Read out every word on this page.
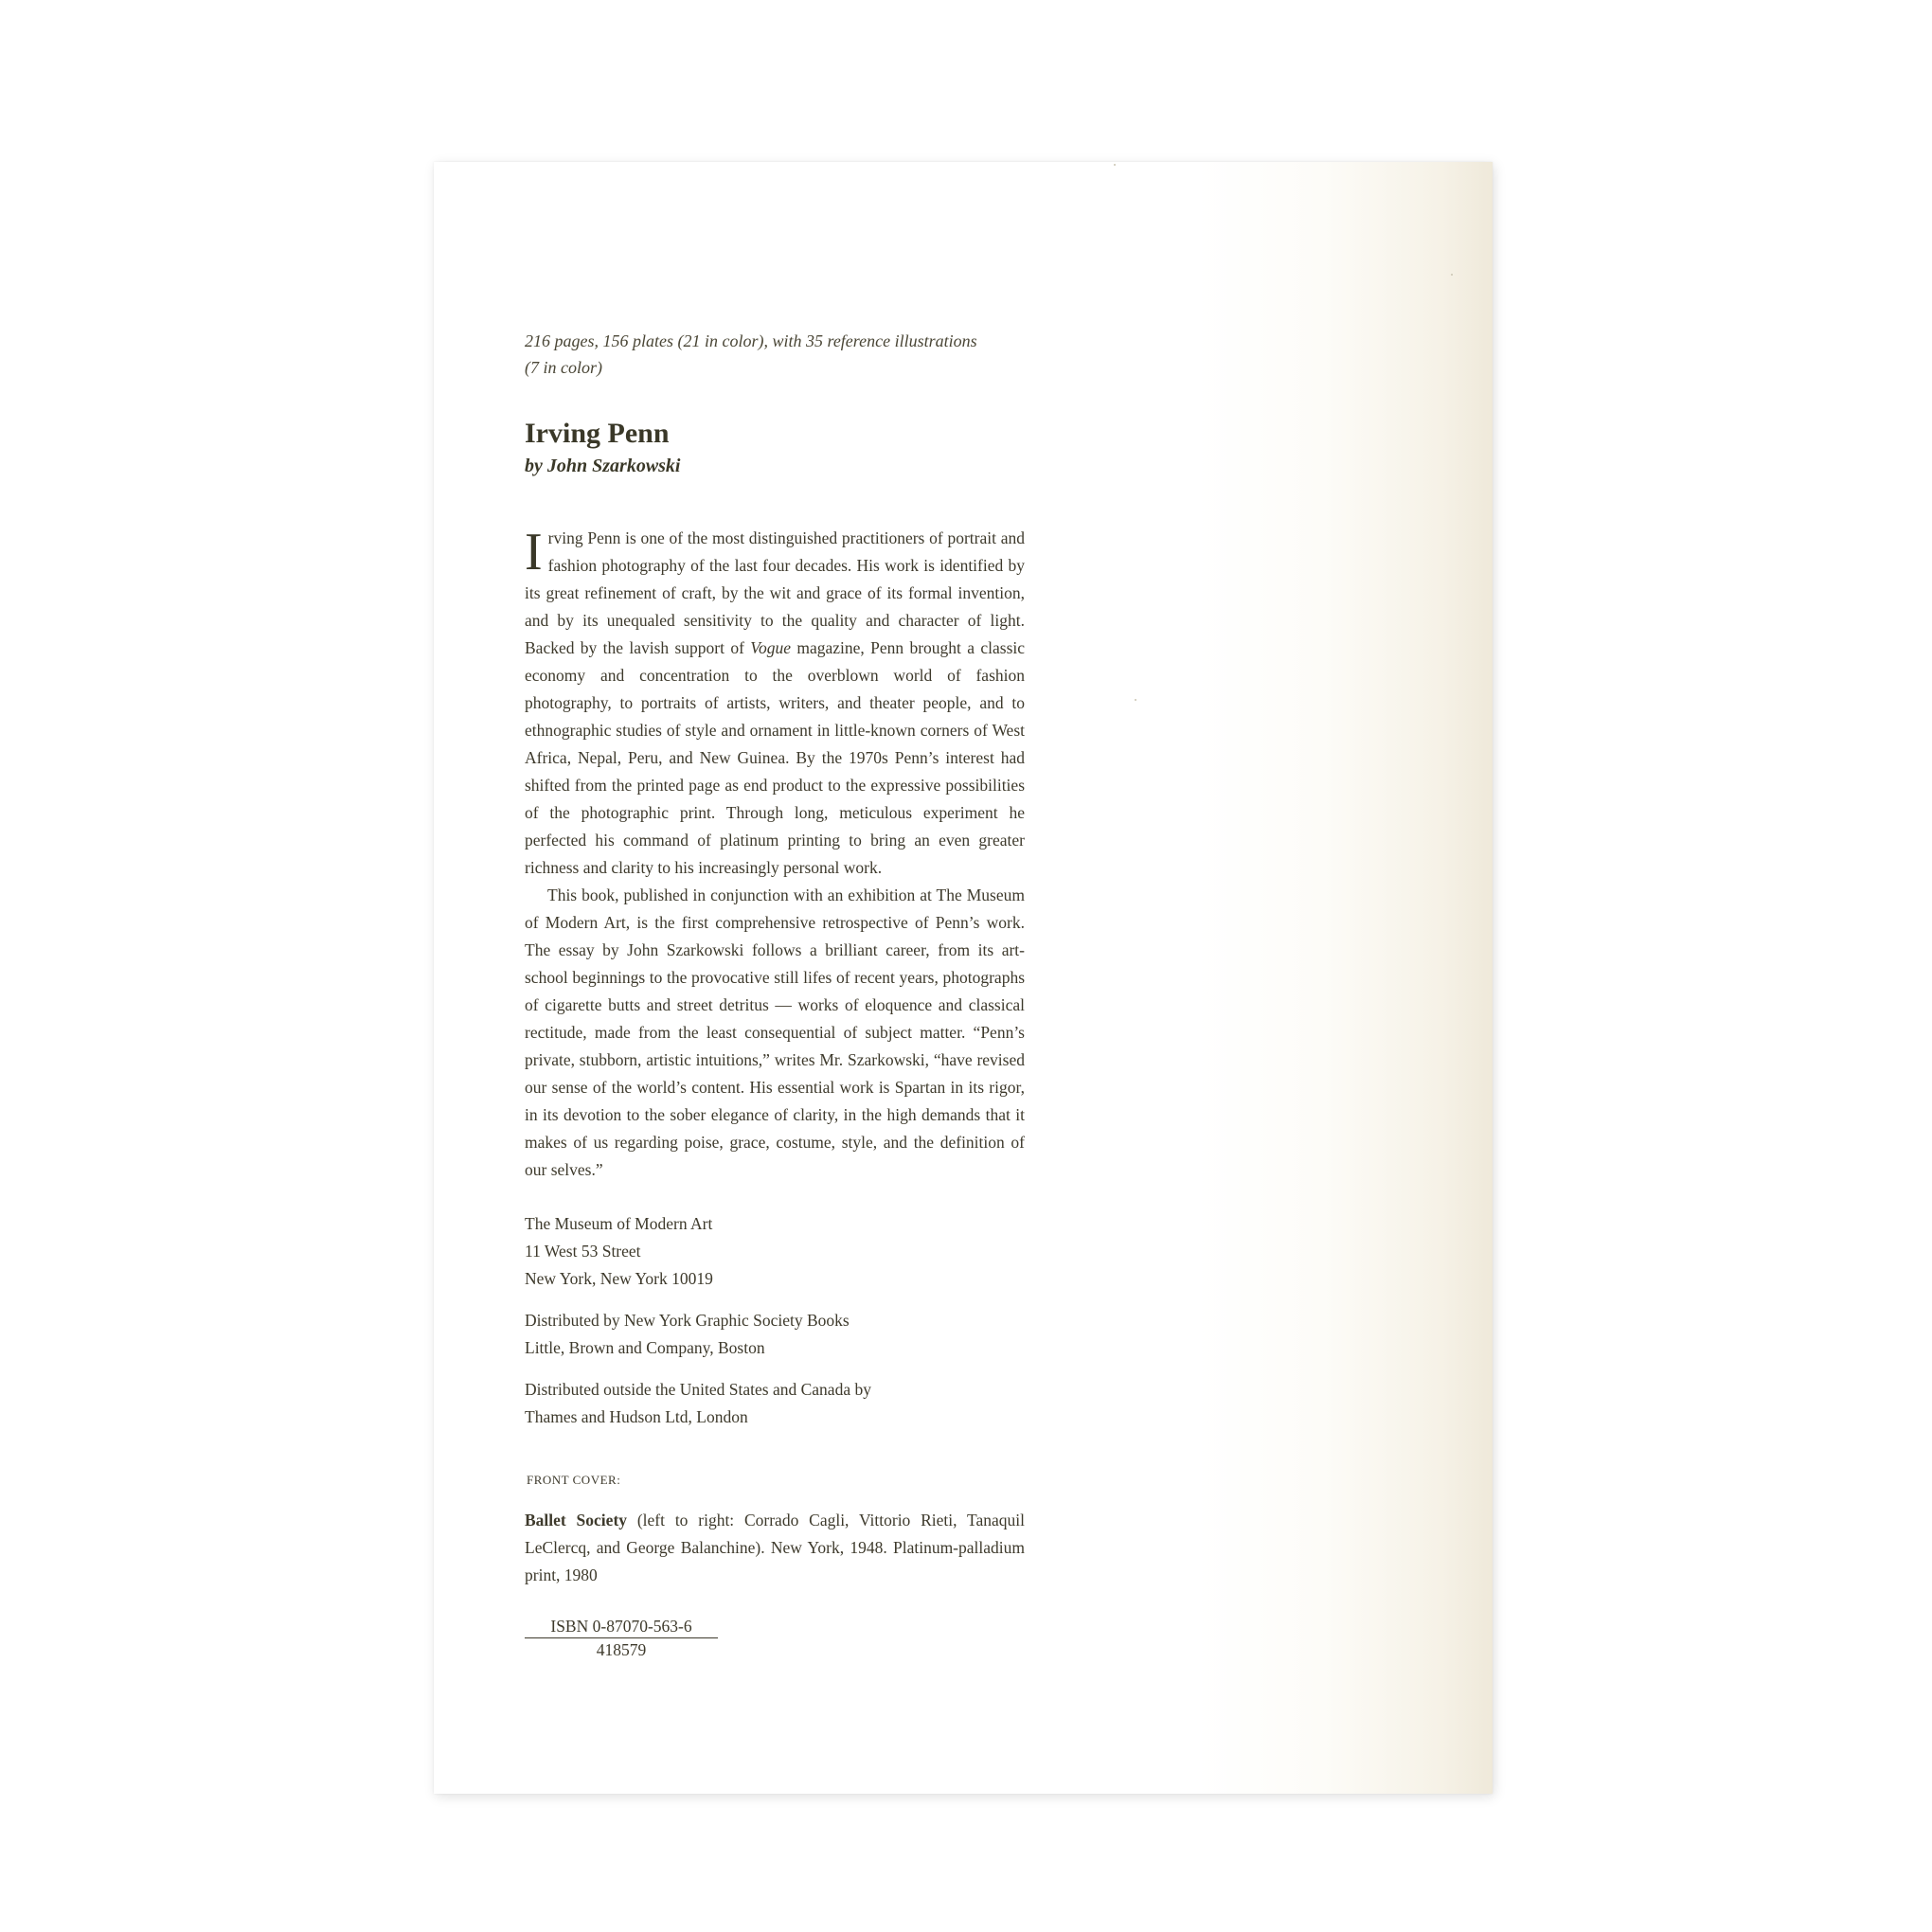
216 pages, 156 plates (21 in color), with 35 reference illustrations

(7 in color)

Irving Penn

by John Szarkowski

Irving Penn is one of the most distinguished practitioners of portrait and fashion photography of the last four decades. His work is identified by its great refinement of craft, by the wit and grace of its formal invention, and by its unequaled sensitivity to the quality and character of light. Backed by the lavish support of Vogue magazine, Penn brought a classic economy and concentration to the overblown world of fashion photography, to portraits of artists, writers, and theater people, and to ethnographic studies of style and ornament in little-known corners of West Africa, Nepal, Peru, and New Guinea. By the 1970s Penn’s interest had shifted from the printed page as end product to the expressive possibilities of the photographic print. Through long, meticulous experiment he perfected his command of platinum printing to bring an even greater richness and clarity to his increasingly personal work.

This book, published in conjunction with an exhibition at The Museum of Modern Art, is the first comprehensive retrospective of Penn’s work. The essay by John Szarkowski follows a brilliant career, from its art-school beginnings to the provocative still lifes of recent years, photographs of cigarette butts and street detritus — works of eloquence and classical rectitude, made from the least consequential of subject matter. “Penn’s private, stubborn, artistic intuitions,” writes Mr. Szarkowski, “have revised our sense of the world’s content. His essential work is Spartan in its rigor, in its devotion to the sober elegance of clarity, in the high demands that it makes of us regarding poise, grace, costume, style, and the definition of our selves.”

The Museum of Modern Art

11 West 53 Street

New York, New York 10019

Distributed by New York Graphic Society Books

Little, Brown and Company, Boston

Distributed outside the United States and Canada by

Thames and Hudson Ltd, London

FRONT COVER:

Ballet Society (left to right: Corrado Cagli, Vittorio Rieti, Tanaquil LeClercq, and George Balanchine). New York, 1948. Platinum-palladium print, 1980

ISBN 0-87070-563-6
418579
